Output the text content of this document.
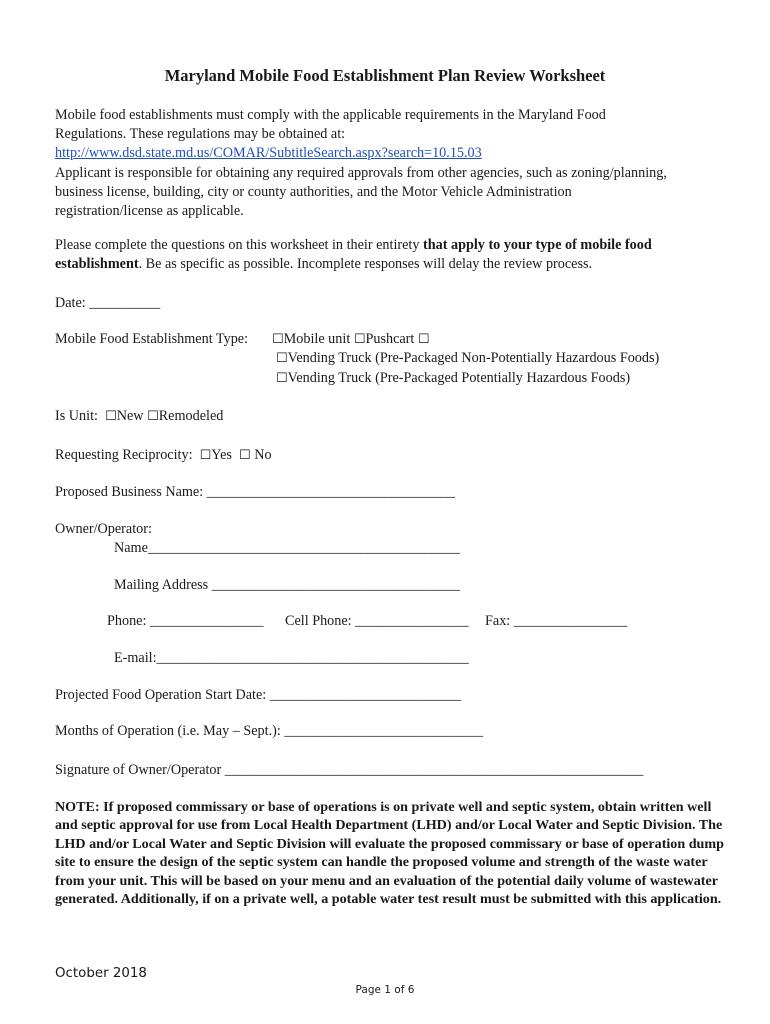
Maryland Mobile Food Establishment Plan Review Worksheet
Mobile food establishments must comply with the applicable requirements in the Maryland Food
Regulations. These regulations may be obtained at:
http://www.dsd.state.md.us/COMAR/SubtitleSearch.aspx?search=10.15.03
Applicant is responsible for obtaining any required approvals from other agencies, such as zoning/planning,
business license, building, city or county authorities, and the Motor Vehicle Administration
registration/license as applicable.
Please complete the questions on this worksheet in their entirety that apply to your type of mobile food
establishment. Be as specific as possible. Incomplete responses will delay the review process.
Date: __________
Mobile Food Establishment Type: ☐Mobile unit ☐Pushcart ☐
☐Vending Truck (Pre-Packaged Non-Potentially Hazardous Foods)
☐Vending Truck (Pre-Packaged Potentially Hazardous Foods)
Is Unit: ☐New ☐Remodeled
Requesting Reciprocity: ☐Yes ☐ No
Proposed Business Name: ___________________________________
Owner/Operator:
Name____________________________________________
Mailing Address ___________________________________
Phone: ________________ Cell Phone: ________________ Fax: ________________
E-mail:____________________________________________
Projected Food Operation Start Date: ___________________________
Months of Operation (i.e. May – Sept.): ____________________________
Signature of Owner/Operator ___________________________________________________________
NOTE: If proposed commissary or base of operations is on private well and septic system, obtain written well and septic approval for use from Local Health Department (LHD) and/or Local Water and Septic Division. The LHD and/or Local Water and Septic Division will evaluate the proposed commissary or base of operation dump site to ensure the design of the septic system can handle the proposed volume and strength of the waste water from your unit. This will be based on your menu and an evaluation of the potential daily volume of wastewater generated. Additionally, if on a private well, a potable water test result must be submitted with this application.
October 2018
Page 1 of 6
